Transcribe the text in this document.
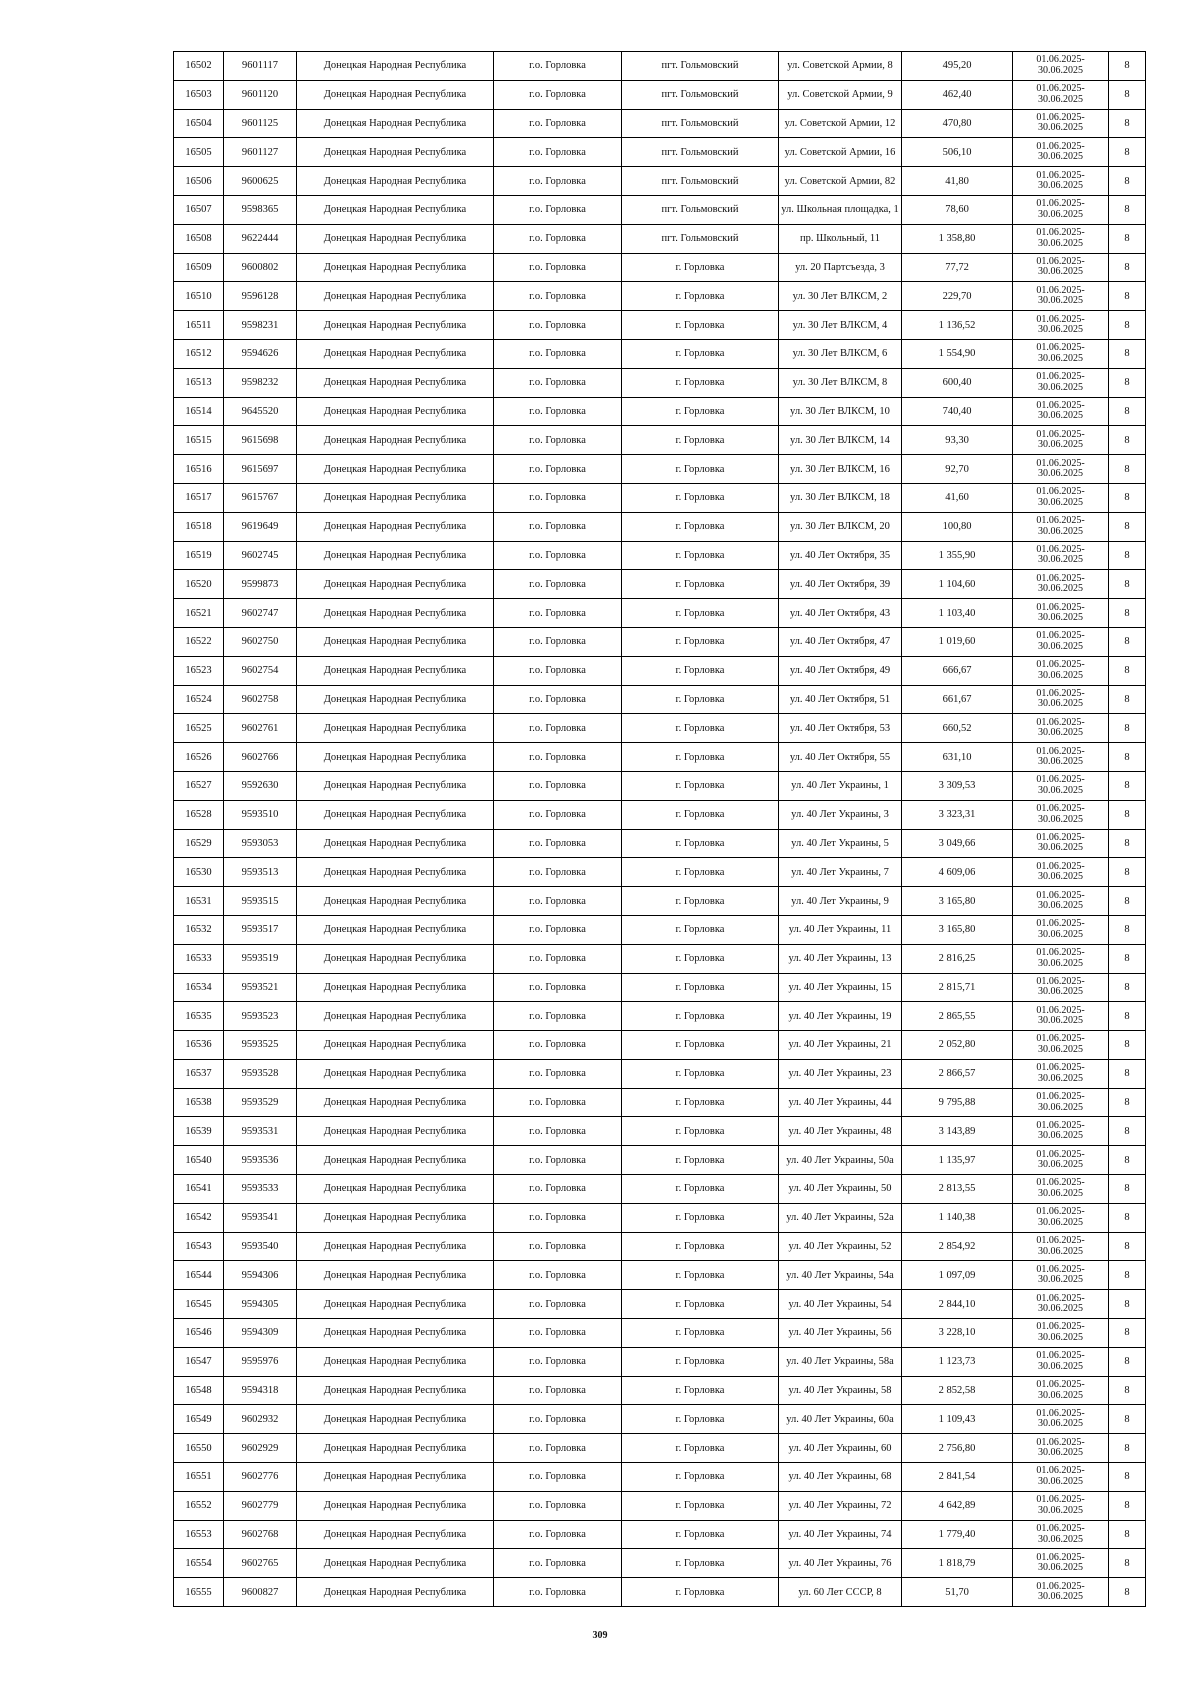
16502	9601117	Донецкая Народная Республика	г.о. Горловка	пгт. Гольмовский	ул. Советской Армии, 8	495,20	01.06.2025-30.06.2025	8
16503	9601120	Донецкая Народная Республика	г.о. Горловка	пгт. Гольмовский	ул. Советской Армии, 9	462,40	01.06.2025-30.06.2025	8
16504	9601125	Донецкая Народная Республика	г.о. Горловка	пгт. Гольмовский	ул. Советской Армии, 12	470,80	01.06.2025-30.06.2025	8
16505	9601127	Донецкая Народная Республика	г.о. Горловка	пгт. Гольмовский	ул. Советской Армии, 16	506,10	01.06.2025-30.06.2025	8
16506	9600625	Донецкая Народная Республика	г.о. Горловка	пгт. Гольмовский	ул. Советской Армии, 82	41,80	01.06.2025-30.06.2025	8
16507	9598365	Донецкая Народная Республика	г.о. Горловка	пгт. Гольмовский	ул. Школьная площадка, 1	78,60	01.06.2025-30.06.2025	8
16508	9622444	Донецкая Народная Республика	г.о. Горловка	пгт. Гольмовский	пр. Школьный, 11	1 358,80	01.06.2025-30.06.2025	8
16509	9600802	Донецкая Народная Республика	г.о. Горловка	г. Горловка	ул. 20 Партсъезда, 3	77,72	01.06.2025-30.06.2025	8
16510	9596128	Донецкая Народная Республика	г.о. Горловка	г. Горловка	ул. 30 Лет ВЛКСМ, 2	229,70	01.06.2025-30.06.2025	8
16511	9598231	Донецкая Народная Республика	г.о. Горловка	г. Горловка	ул. 30 Лет ВЛКСМ, 4	1 136,52	01.06.2025-30.06.2025	8
16512	9594626	Донецкая Народная Республика	г.о. Горловка	г. Горловка	ул. 30 Лет ВЛКСМ, 6	1 554,90	01.06.2025-30.06.2025	8
16513	9598232	Донецкая Народная Республика	г.о. Горловка	г. Горловка	ул. 30 Лет ВЛКСМ, 8	600,40	01.06.2025-30.06.2025	8
16514	9645520	Донецкая Народная Республика	г.о. Горловка	г. Горловка	ул. 30 Лет ВЛКСМ, 10	740,40	01.06.2025-30.06.2025	8
16515	9615698	Донецкая Народная Республика	г.о. Горловка	г. Горловка	ул. 30 Лет ВЛКСМ, 14	93,30	01.06.2025-30.06.2025	8
16516	9615697	Донецкая Народная Республика	г.о. Горловка	г. Горловка	ул. 30 Лет ВЛКСМ, 16	92,70	01.06.2025-30.06.2025	8
16517	9615767	Донецкая Народная Республика	г.о. Горловка	г. Горловка	ул. 30 Лет ВЛКСМ, 18	41,60	01.06.2025-30.06.2025	8
16518	9619649	Донецкая Народная Республика	г.о. Горловка	г. Горловка	ул. 30 Лет ВЛКСМ, 20	100,80	01.06.2025-30.06.2025	8
16519	9602745	Донецкая Народная Республика	г.о. Горловка	г. Горловка	ул. 40 Лет Октября, 35	1 355,90	01.06.2025-30.06.2025	8
16520	9599873	Донецкая Народная Республика	г.о. Горловка	г. Горловка	ул. 40 Лет Октября, 39	1 104,60	01.06.2025-30.06.2025	8
16521	9602747	Донецкая Народная Республика	г.о. Горловка	г. Горловка	ул. 40 Лет Октября, 43	1 103,40	01.06.2025-30.06.2025	8
16522	9602750	Донецкая Народная Республика	г.о. Горловка	г. Горловка	ул. 40 Лет Октября, 47	1 019,60	01.06.2025-30.06.2025	8
16523	9602754	Донецкая Народная Республика	г.о. Горловка	г. Горловка	ул. 40 Лет Октября, 49	666,67	01.06.2025-30.06.2025	8
16524	9602758	Донецкая Народная Республика	г.о. Горловка	г. Горловка	ул. 40 Лет Октября, 51	661,67	01.06.2025-30.06.2025	8
16525	9602761	Донецкая Народная Республика	г.о. Горловка	г. Горловка	ул. 40 Лет Октября, 53	660,52	01.06.2025-30.06.2025	8
16526	9602766	Донецкая Народная Республика	г.о. Горловка	г. Горловка	ул. 40 Лет Октября, 55	631,10	01.06.2025-30.06.2025	8
16527	9592630	Донецкая Народная Республика	г.о. Горловка	г. Горловка	ул. 40 Лет Украины, 1	3 309,53	01.06.2025-30.06.2025	8
16528	9593510	Донецкая Народная Республика	г.о. Горловка	г. Горловка	ул. 40 Лет Украины, 3	3 323,31	01.06.2025-30.06.2025	8
16529	9593053	Донецкая Народная Республика	г.о. Горловка	г. Горловка	ул. 40 Лет Украины, 5	3 049,66	01.06.2025-30.06.2025	8
16530	9593513	Донецкая Народная Республика	г.о. Горловка	г. Горловка	ул. 40 Лет Украины, 7	4 609,06	01.06.2025-30.06.2025	8
16531	9593515	Донецкая Народная Республика	г.о. Горловка	г. Горловка	ул. 40 Лет Украины, 9	3 165,80	01.06.2025-30.06.2025	8
16532	9593517	Донецкая Народная Республика	г.о. Горловка	г. Горловка	ул. 40 Лет Украины, 11	3 165,80	01.06.2025-30.06.2025	8
16533	9593519	Донецкая Народная Республика	г.о. Горловка	г. Горловка	ул. 40 Лет Украины, 13	2 816,25	01.06.2025-30.06.2025	8
16534	9593521	Донецкая Народная Республика	г.о. Горловка	г. Горловка	ул. 40 Лет Украины, 15	2 815,71	01.06.2025-30.06.2025	8
16535	9593523	Донецкая Народная Республика	г.о. Горловка	г. Горловка	ул. 40 Лет Украины, 19	2 865,55	01.06.2025-30.06.2025	8
16536	9593525	Донецкая Народная Республика	г.о. Горловка	г. Горловка	ул. 40 Лет Украины, 21	2 052,80	01.06.2025-30.06.2025	8
16537	9593528	Донецкая Народная Республика	г.о. Горловка	г. Горловка	ул. 40 Лет Украины, 23	2 866,57	01.06.2025-30.06.2025	8
16538	9593529	Донецкая Народная Республика	г.о. Горловка	г. Горловка	ул. 40 Лет Украины, 44	9 795,88	01.06.2025-30.06.2025	8
16539	9593531	Донецкая Народная Республика	г.о. Горловка	г. Горловка	ул. 40 Лет Украины, 48	3 143,89	01.06.2025-30.06.2025	8
16540	9593536	Донецкая Народная Республика	г.о. Горловка	г. Горловка	ул. 40 Лет Украины, 50а	1 135,97	01.06.2025-30.06.2025	8
16541	9593533	Донецкая Народная Республика	г.о. Горловка	г. Горловка	ул. 40 Лет Украины, 50	2 813,55	01.06.2025-30.06.2025	8
16542	9593541	Донецкая Народная Республика	г.о. Горловка	г. Горловка	ул. 40 Лет Украины, 52а	1 140,38	01.06.2025-30.06.2025	8
16543	9593540	Донецкая Народная Республика	г.о. Горловка	г. Горловка	ул. 40 Лет Украины, 52	2 854,92	01.06.2025-30.06.2025	8
16544	9594306	Донецкая Народная Республика	г.о. Горловка	г. Горловка	ул. 40 Лет Украины, 54а	1 097,09	01.06.2025-30.06.2025	8
16545	9594305	Донецкая Народная Республика	г.о. Горловка	г. Горловка	ул. 40 Лет Украины, 54	2 844,10	01.06.2025-30.06.2025	8
16546	9594309	Донецкая Народная Республика	г.о. Горловка	г. Горловка	ул. 40 Лет Украины, 56	3 228,10	01.06.2025-30.06.2025	8
16547	9595976	Донецкая Народная Республика	г.о. Горловка	г. Горловка	ул. 40 Лет Украины, 58а	1 123,73	01.06.2025-30.06.2025	8
16548	9594318	Донецкая Народная Республика	г.о. Горловка	г. Горловка	ул. 40 Лет Украины, 58	2 852,58	01.06.2025-30.06.2025	8
16549	9602932	Донецкая Народная Республика	г.о. Горловка	г. Горловка	ул. 40 Лет Украины, 60а	1 109,43	01.06.2025-30.06.2025	8
16550	9602929	Донецкая Народная Республика	г.о. Горловка	г. Горловка	ул. 40 Лет Украины, 60	2 756,80	01.06.2025-30.06.2025	8
16551	9602776	Донецкая Народная Республика	г.о. Горловка	г. Горловка	ул. 40 Лет Украины, 68	2 841,54	01.06.2025-30.06.2025	8
16552	9602779	Донецкая Народная Республика	г.о. Горловка	г. Горловка	ул. 40 Лет Украины, 72	4 642,89	01.06.2025-30.06.2025	8
16553	9602768	Донецкая Народная Республика	г.о. Горловка	г. Горловка	ул. 40 Лет Украины, 74	1 779,40	01.06.2025-30.06.2025	8
16554	9602765	Донецкая Народная Республика	г.о. Горловка	г. Горловка	ул. 40 Лет Украины, 76	1 818,79	01.06.2025-30.06.2025	8
16555	9600827	Донецкая Народная Республика	г.о. Горловка	г. Горловка	ул. 60 Лет СССР, 8	51,70	01.06.2025-30.06.2025	8
309
